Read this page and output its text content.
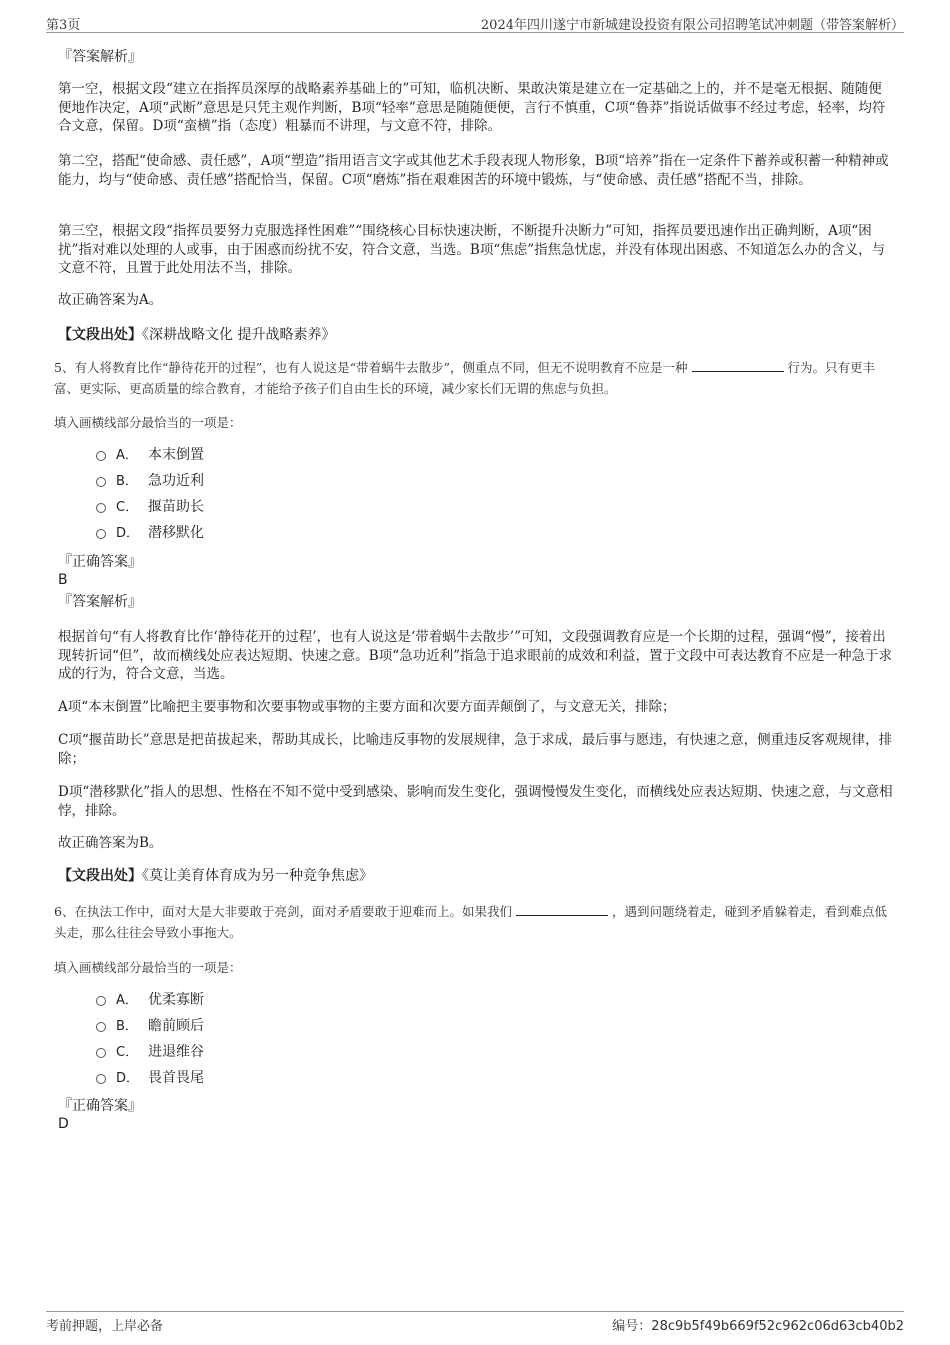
第3页	2024年四川遂宁市新城建设投资有限公司招聘笔试冲刺题（带答案解析）
『答案解析』
第一空，根据文段“建立在指挥员深厚的战略素养基础上的”可知，临机决断、果敢决策是建立在一定基础之上的，并不是毫无根据、随随便便地作决定，A项“武断”意思是只凭主观作判断，B项“轻率”意思是随随便便，言行不慎重，C项“鲁莽”指说话做事不经过考虑，轻率，均符合文意，保留。D项“蛮横”指（态度）粗暴而不讲理，与文意不符，排除。
第二空，搭配“使命感、责任感”，A项“塑造”指用语言文字或其他艺术手段表现人物形象，B项“培养”指在一定条件下蓄养或积蓄一种精神或能力，均与“使命感、责任感”搭配恰当，保留。C项“磨炼”指在艰难困苦的环境中锻炼，与“使命感、责任感”搭配不当，排除。
第三空，根据文段“指挥员要努力克服选择性困难”“围绕核心目标快速决断，不断提升决断力”可知，指挥员要迅速作出正确判断，A项“困扰”指对难以处理的人或事，由于困惑而纷扰不安，符合文意，当选。B项“焦虑”指焦急忧虑，并没有体现出困惑、不知道怎么办的含义，与文意不符，且置于此处用法不当，排除。
故正确答案为A。
【文段出处】《深耕战略文化 提升战略素养》
5、有人将教育比作“静待花开的过程”，也有人说这是“带着蜗牛去散步”，侧重点不同，但无不说明教育不应是一种	行为。只有更丰富、更实际、更高质量的综合教育，才能给予孩子们自由生长的环境，减少家长们无谓的焦虑与负担。
填入画横线部分最恰当的一项是：
A． 本末倒置
B． 急功近利
C． 揠苗助长
D． 潜移默化
『正确答案』
B
『答案解析』
根据首句“有人将教育比作‘静待花开的过程’，也有人说这是‘带着蜗牛去散步’”可知，文段强调教育应是一个长期的过程，强调“慢”，接着出现转折词“但”，故而横线处应表达短期、快速之意。B项“急功近利”指急于追求眼前的成效和利益，置于文段中可表达教育不应是一种急于求成的行为，符合文意，当选。
A项“本末倒置”比喻把主要事物和次要事物或事物的主要方面和次要方面弄颠倒了，与文意无关，排除；
C项“揠苗助长”意思是把苗拔起来，帮助其成长，比喻违反事物的发展规律，急于求成，最后事与愿违，有快速之意，侧重违反客观规律，排除；
D项“潜移默化”指人的思想、性格在不知不觉中受到感染、影响而发生变化，强调慢慢发生变化，而横线处应表达短期、快速之意，与文意相悖，排除。
故正确答案为B。
【文段出处】《莫让美育体育成为另一种竞争焦虑》
6、在执法工作中，面对大是大非要敢于亮剑，面对矛盾要敢于迎难而上。如果我们	，遇到问题绕着走，碰到矛盾躲着走，看到难点低头走，那么往往会导致小事拖大。
填入画横线部分最恰当的一项是：
A． 优柔寡断
B． 瞻前顾后
C． 进退维谷
D． 畏首畏尾
『正确答案』
D
考前押题，上岸必备	编号：28c9b5f49b669f52c962c06d63cb40b2
